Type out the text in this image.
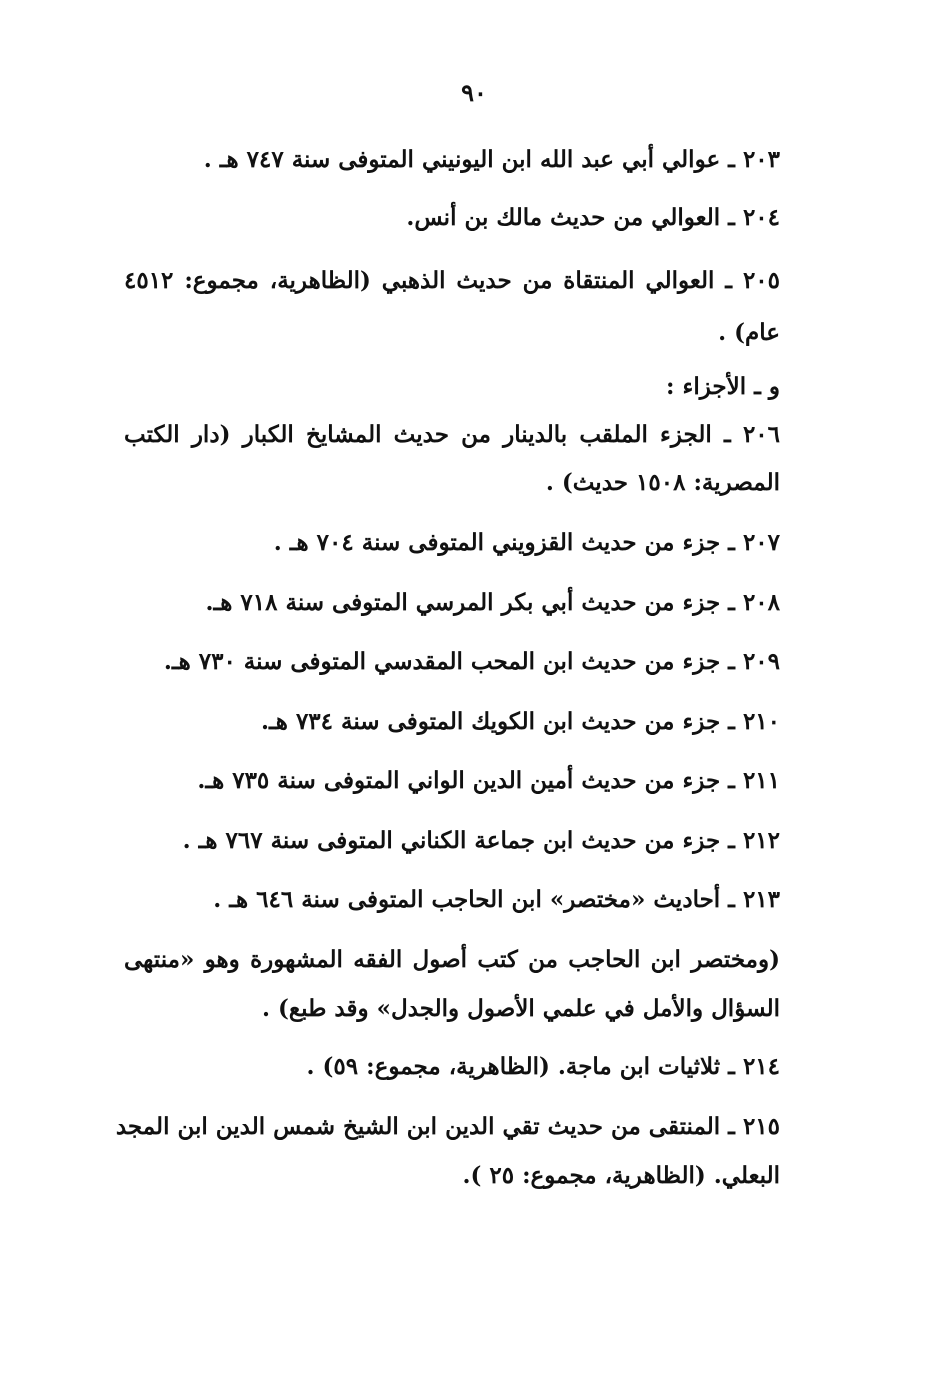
٩٠
٢٠٣ ـ عوالي أبي عبد الله ابن اليونيني المتوفى سنة ٧٤٧ هـ .
٢٠٤ ـ العوالي من حديث مالك بن أنس.
٢٠٥ ـ العوالي المنتقاة من حديث الذهبي (الظاهرية، مجموع: ٤٥١٢
عام) .
و ـ الأجزاء :
٢٠٦ ـ الجزء الملقب بالدينار من حديث المشايخ الكبار (دار الكتب
المصرية: ١٥٠٨ حديث) .
٢٠٧ ـ جزء من حديث القزويني المتوفى سنة ٧٠٤ هـ .
٢٠٨ ـ جزء من حديث أبي بكر المرسي المتوفى سنة ٧١٨ هـ.
٢٠٩ ـ جزء من حديث ابن المحب المقدسي المتوفى سنة ٧٣٠ هـ.
٢١٠ ـ جزء من حديث ابن الكويك المتوفى سنة ٧٣٤ هـ.
٢١١ ـ جزء من حديث أمين الدين الواني المتوفى سنة ٧٣٥ هـ.
٢١٢ ـ جزء من حديث ابن جماعة الكناني المتوفى سنة ٧٦٧ هـ .
٢١٣ ـ أحاديث «مختصر» ابن الحاجب المتوفى سنة ٦٤٦ هـ .
(ومختصر ابن الحاجب من كتب أصول الفقه المشهورة وهو «منتهى
السؤال والأمل في علمي الأصول والجدل» وقد طبع) .
٢١٤ ـ ثلاثيات ابن ماجة. (الظاهرية، مجموع: ٥٩) .
٢١٥ ـ المنتقى من حديث تقي الدين ابن الشيخ شمس الدين ابن المجد
البعلي. (الظاهرية، مجموع: ٢٥ ).
